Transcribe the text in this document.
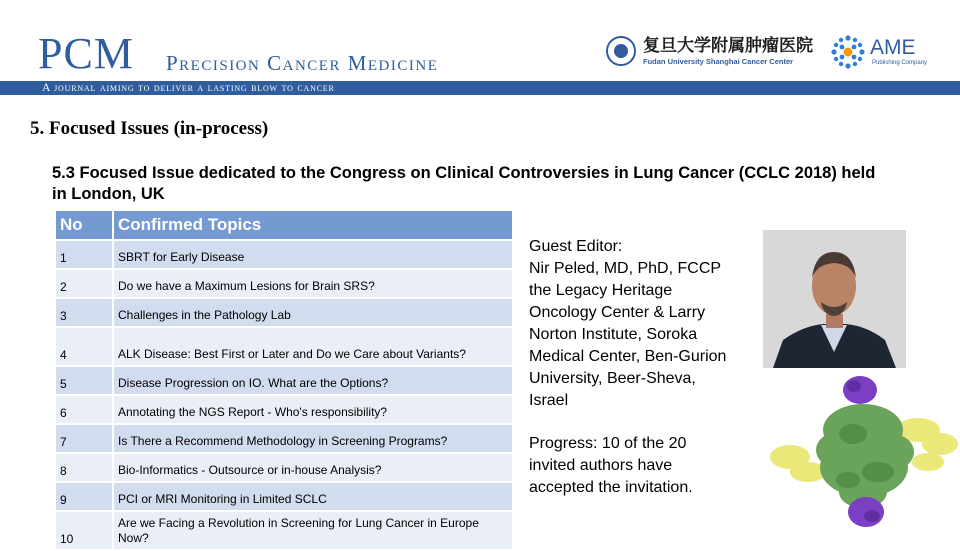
PCM Precision Cancer Medicine
A journal aiming to deliver a lasting blow to cancer
复旦大学附属肿瘤医院
Fudan University Shanghai Cancer Center
AME
Publishing Company
5. Focused Issues (in-process)
5.3 Focused Issue dedicated to the Congress on Clinical Controversies in Lung Cancer (CCLC 2018) held in London, UK
No	Confirmed Topics
1	SBRT for Early Disease
2	Do we have a Maximum Lesions for Brain SRS?
3	Challenges in the Pathology Lab
4	ALK Disease: Best First or Later and Do we Care about Variants?
5	Disease Progression on IO. What are the Options?
6	Annotating the NGS Report - Who's responsibility?
7	Is There a Recommend Methodology in Screening Programs?
8	Bio-Informatics - Outsource or in-house Analysis?
9	PCI or MRI Monitoring in Limited SCLC
10	Are we Facing a Revolution in Screening for Lung Cancer in Europe Now?
Guest Editor:
Nir Peled, MD, PhD, FCCP
the Legacy Heritage
Oncology Center & Larry
Norton Institute, Soroka
Medical Center, Ben-Gurion
University, Beer-Sheva,
Israel
Progress: 10 of the 20
invited authors have
accepted the invitation.
